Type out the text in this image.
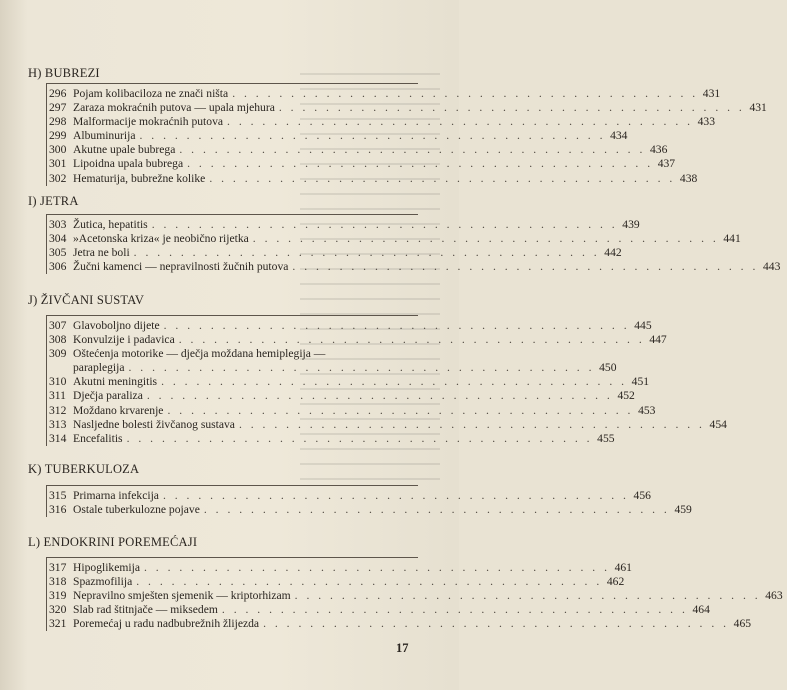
H) BUBREZI
296 Pojam kolibaciloza ne znači ništa . . . . . . . . . . . . . . . . . . . . . . . . . . . . . . . . . . . . . . . . 431
297 Zaraza mokraćnih putova — upala mjehura . . . . . . . . . . . . . . . . . . . . . . . . . . . . . . . . . . . . . . . . 431
298 Malformacije mokraćnih putova . . . . . . . . . . . . . . . . . . . . . . . . . . . . . . . . . . . . . . . . 433
299 Albuminurija . . . . . . . . . . . . . . . . . . . . . . . . . . . . . . . . . . . . . . . . 434
300 Akutne upale bubrega . . . . . . . . . . . . . . . . . . . . . . . . . . . . . . . . . . . . . . . . 436
301 Lipoidna upala bubrega . . . . . . . . . . . . . . . . . . . . . . . . . . . . . . . . . . . . . . . . 437
302 Hematurija, bubrežne kolike . . . . . . . . . . . . . . . . . . . . . . . . . . . . . . . . . . . . . . . . 438
I) JETRA
303 Žutica, hepatitis . . . . . . . . . . . . . . . . . . . . . . . . . . . . . . . . . . . . . . . . 439
304 »Acetonska kriza« je neobično rijetka . . . . . . . . . . . . . . . . . . . . . . . . . . . . . . . . . . . . . . . . 441
305 Jetra ne boli . . . . . . . . . . . . . . . . . . . . . . . . . . . . . . . . . . . . . . . . 442
306 Žučni kamenci — nepravilnosti žučnih putova . . . . . . . . . . . . . . . . . . . . . . . . . . . . . . . . . . . . . . . . 443
J) ŽIVČANI SUSTAV
307 Glavoboljno dijete . . . . . . . . . . . . . . . . . . . . . . . . . . . . . . . . . . . . . . . . 445
308 Konvulzije i padavica . . . . . . . . . . . . . . . . . . . . . . . . . . . . . . . . . . . . . . . . 447
309 Oštećenja motorike — dječja moždana hemiplegija —
paraplegija . . . . . . . . . . . . . . . . . . . . . . . . . . . . . . . . . . . . . . . . 450
310 Akutni meningitis . . . . . . . . . . . . . . . . . . . . . . . . . . . . . . . . . . . . . . . . 451
311 Dječja paraliza . . . . . . . . . . . . . . . . . . . . . . . . . . . . . . . . . . . . . . . . 452
312 Moždano krvarenje . . . . . . . . . . . . . . . . . . . . . . . . . . . . . . . . . . . . . . . . 453
313 Nasljedne bolesti živčanog sustava . . . . . . . . . . . . . . . . . . . . . . . . . . . . . . . . . . . . . . . . 454
314 Encefalitis . . . . . . . . . . . . . . . . . . . . . . . . . . . . . . . . . . . . . . . . 455
K) TUBERKULOZA
315 Primarna infekcija . . . . . . . . . . . . . . . . . . . . . . . . . . . . . . . . . . . . . . . . 456
316 Ostale tuberkulozne pojave . . . . . . . . . . . . . . . . . . . . . . . . . . . . . . . . . . . . . . . . 459
L) ENDOKRINI POREMEĆAJI
317 Hipoglikemija . . . . . . . . . . . . . . . . . . . . . . . . . . . . . . . . . . . . . . . . 461
318 Spazmofilija . . . . . . . . . . . . . . . . . . . . . . . . . . . . . . . . . . . . . . . . 462
319 Nepravilno smješten sjemenik — kriptorhizam . . . . . . . . . . . . . . . . . . . . . . . . . . . . . . . . . . . . . . . . 463
320 Slab rad štitnjače — miksedem . . . . . . . . . . . . . . . . . . . . . . . . . . . . . . . . . . . . . . . . 464
321 Poremećaj u radu nadbubrežnih žlijezda . . . . . . . . . . . . . . . . . . . . . . . . . . . . . . . . . . . . . . . . 465
17
